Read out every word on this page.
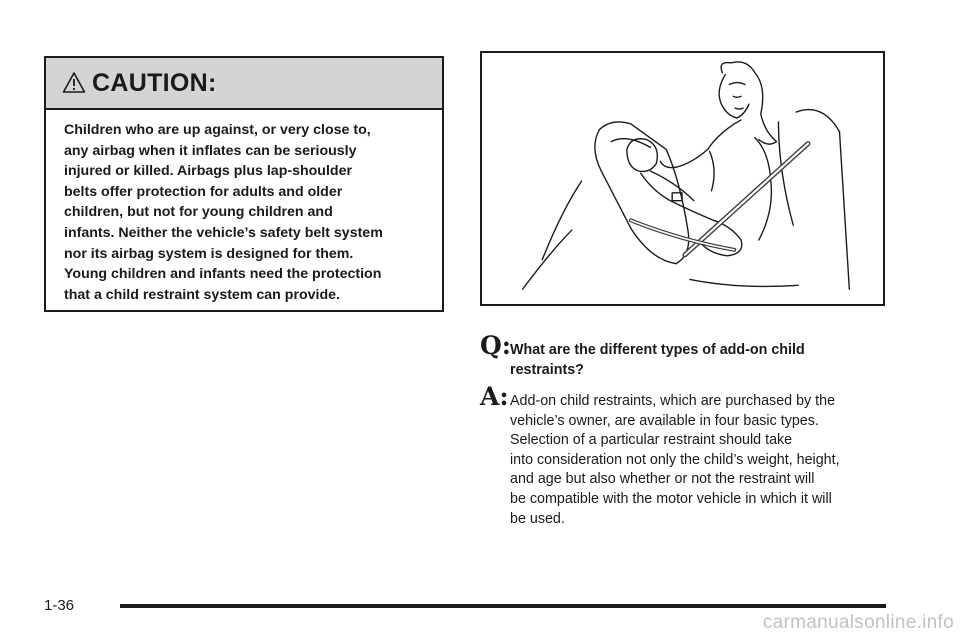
CAUTION:
Children who are up against, or very close to,
any airbag when it inflates can be seriously
injured or killed. Airbags plus lap-shoulder
belts offer protection for adults and older
children, but not for young children and
infants. Neither the vehicle’s safety belt system
nor its airbag system is designed for them.
Young children and infants need the protection
that a child restraint system can provide.
Q:
What are the different types of add-on child
restraints?
A: Add-on child restraints, which are purchased by the
vehicle’s owner, are available in four basic types.
Selection of a particular restraint should take
into consideration not only the child’s weight, height,
and age but also whether or not the restraint will
be compatible with the motor vehicle in which it will
be used.
1-36
carmanualsonline.info
